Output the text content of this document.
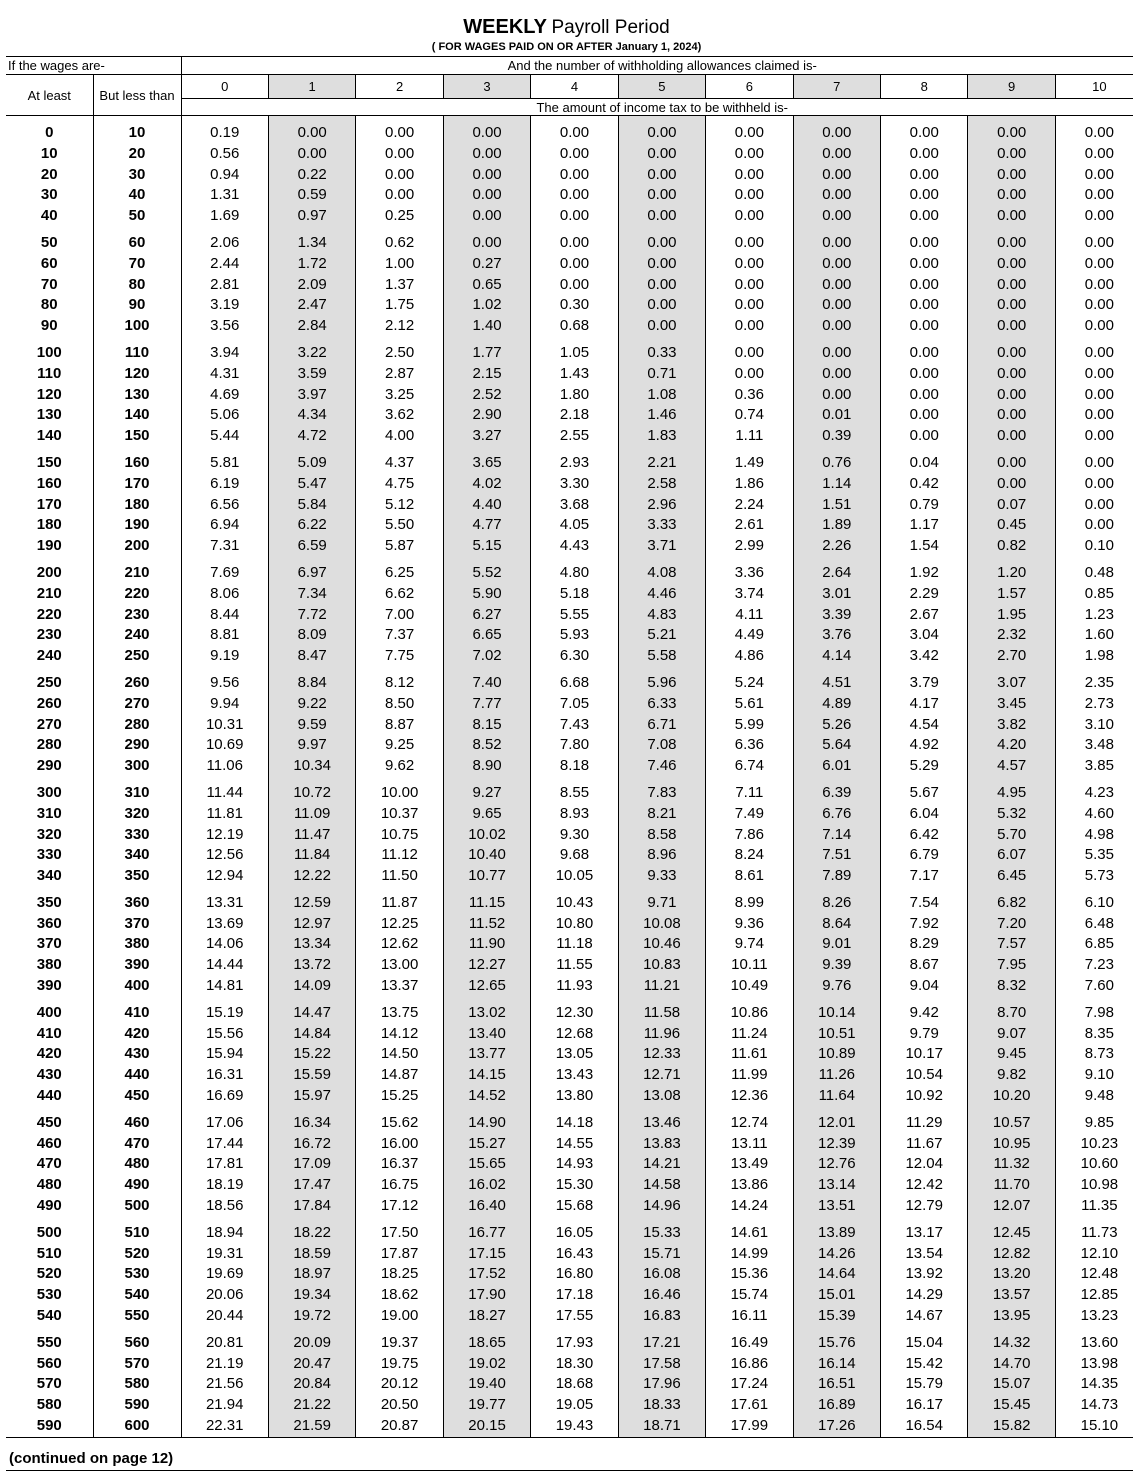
WEEKLY Payroll Period
( FOR WAGES PAID ON OR AFTER January 1, 2024)
If the wages are-		And the number of withholding allowances claimed is-										
At least	But less than	0	1	2	3	4	5	6	7	8	9	10
		The amount of income tax to be withheld is-										
0	10	0.19	0.00	0.00	0.00	0.00	0.00	0.00	0.00	0.00	0.00	0.00
10	20	0.56	0.00	0.00	0.00	0.00	0.00	0.00	0.00	0.00	0.00	0.00
20	30	0.94	0.22	0.00	0.00	0.00	0.00	0.00	0.00	0.00	0.00	0.00
30	40	1.31	0.59	0.00	0.00	0.00	0.00	0.00	0.00	0.00	0.00	0.00
40	50	1.69	0.97	0.25	0.00	0.00	0.00	0.00	0.00	0.00	0.00	0.00
50	60	2.06	1.34	0.62	0.00	0.00	0.00	0.00	0.00	0.00	0.00	0.00
60	70	2.44	1.72	1.00	0.27	0.00	0.00	0.00	0.00	0.00	0.00	0.00
70	80	2.81	2.09	1.37	0.65	0.00	0.00	0.00	0.00	0.00	0.00	0.00
80	90	3.19	2.47	1.75	1.02	0.30	0.00	0.00	0.00	0.00	0.00	0.00
90	100	3.56	2.84	2.12	1.40	0.68	0.00	0.00	0.00	0.00	0.00	0.00
100	110	3.94	3.22	2.50	1.77	1.05	0.33	0.00	0.00	0.00	0.00	0.00
110	120	4.31	3.59	2.87	2.15	1.43	0.71	0.00	0.00	0.00	0.00	0.00
120	130	4.69	3.97	3.25	2.52	1.80	1.08	0.36	0.00	0.00	0.00	0.00
130	140	5.06	4.34	3.62	2.90	2.18	1.46	0.74	0.01	0.00	0.00	0.00
140	150	5.44	4.72	4.00	3.27	2.55	1.83	1.11	0.39	0.00	0.00	0.00
150	160	5.81	5.09	4.37	3.65	2.93	2.21	1.49	0.76	0.04	0.00	0.00
160	170	6.19	5.47	4.75	4.02	3.30	2.58	1.86	1.14	0.42	0.00	0.00
170	180	6.56	5.84	5.12	4.40	3.68	2.96	2.24	1.51	0.79	0.07	0.00
180	190	6.94	6.22	5.50	4.77	4.05	3.33	2.61	1.89	1.17	0.45	0.00
190	200	7.31	6.59	5.87	5.15	4.43	3.71	2.99	2.26	1.54	0.82	0.10
200	210	7.69	6.97	6.25	5.52	4.80	4.08	3.36	2.64	1.92	1.20	0.48
210	220	8.06	7.34	6.62	5.90	5.18	4.46	3.74	3.01	2.29	1.57	0.85
220	230	8.44	7.72	7.00	6.27	5.55	4.83	4.11	3.39	2.67	1.95	1.23
230	240	8.81	8.09	7.37	6.65	5.93	5.21	4.49	3.76	3.04	2.32	1.60
240	250	9.19	8.47	7.75	7.02	6.30	5.58	4.86	4.14	3.42	2.70	1.98
250	260	9.56	8.84	8.12	7.40	6.68	5.96	5.24	4.51	3.79	3.07	2.35
260	270	9.94	9.22	8.50	7.77	7.05	6.33	5.61	4.89	4.17	3.45	2.73
270	280	10.31	9.59	8.87	8.15	7.43	6.71	5.99	5.26	4.54	3.82	3.10
280	290	10.69	9.97	9.25	8.52	7.80	7.08	6.36	5.64	4.92	4.20	3.48
290	300	11.06	10.34	9.62	8.90	8.18	7.46	6.74	6.01	5.29	4.57	3.85
300	310	11.44	10.72	10.00	9.27	8.55	7.83	7.11	6.39	5.67	4.95	4.23
310	320	11.81	11.09	10.37	9.65	8.93	8.21	7.49	6.76	6.04	5.32	4.60
320	330	12.19	11.47	10.75	10.02	9.30	8.58	7.86	7.14	6.42	5.70	4.98
330	340	12.56	11.84	11.12	10.40	9.68	8.96	8.24	7.51	6.79	6.07	5.35
340	350	12.94	12.22	11.50	10.77	10.05	9.33	8.61	7.89	7.17	6.45	5.73
350	360	13.31	12.59	11.87	11.15	10.43	9.71	8.99	8.26	7.54	6.82	6.10
360	370	13.69	12.97	12.25	11.52	10.80	10.08	9.36	8.64	7.92	7.20	6.48
370	380	14.06	13.34	12.62	11.90	11.18	10.46	9.74	9.01	8.29	7.57	6.85
380	390	14.44	13.72	13.00	12.27	11.55	10.83	10.11	9.39	8.67	7.95	7.23
390	400	14.81	14.09	13.37	12.65	11.93	11.21	10.49	9.76	9.04	8.32	7.60
400	410	15.19	14.47	13.75	13.02	12.30	11.58	10.86	10.14	9.42	8.70	7.98
410	420	15.56	14.84	14.12	13.40	12.68	11.96	11.24	10.51	9.79	9.07	8.35
420	430	15.94	15.22	14.50	13.77	13.05	12.33	11.61	10.89	10.17	9.45	8.73
430	440	16.31	15.59	14.87	14.15	13.43	12.71	11.99	11.26	10.54	9.82	9.10
440	450	16.69	15.97	15.25	14.52	13.80	13.08	12.36	11.64	10.92	10.20	9.48
450	460	17.06	16.34	15.62	14.90	14.18	13.46	12.74	12.01	11.29	10.57	9.85
460	470	17.44	16.72	16.00	15.27	14.55	13.83	13.11	12.39	11.67	10.95	10.23
470	480	17.81	17.09	16.37	15.65	14.93	14.21	13.49	12.76	12.04	11.32	10.60
480	490	18.19	17.47	16.75	16.02	15.30	14.58	13.86	13.14	12.42	11.70	10.98
490	500	18.56	17.84	17.12	16.40	15.68	14.96	14.24	13.51	12.79	12.07	11.35
500	510	18.94	18.22	17.50	16.77	16.05	15.33	14.61	13.89	13.17	12.45	11.73
510	520	19.31	18.59	17.87	17.15	16.43	15.71	14.99	14.26	13.54	12.82	12.10
520	530	19.69	18.97	18.25	17.52	16.80	16.08	15.36	14.64	13.92	13.20	12.48
530	540	20.06	19.34	18.62	17.90	17.18	16.46	15.74	15.01	14.29	13.57	12.85
540	550	20.44	19.72	19.00	18.27	17.55	16.83	16.11	15.39	14.67	13.95	13.23
550	560	20.81	20.09	19.37	18.65	17.93	17.21	16.49	15.76	15.04	14.32	13.60
560	570	21.19	20.47	19.75	19.02	18.30	17.58	16.86	16.14	15.42	14.70	13.98
570	580	21.56	20.84	20.12	19.40	18.68	17.96	17.24	16.51	15.79	15.07	14.35
580	590	21.94	21.22	20.50	19.77	19.05	18.33	17.61	16.89	16.17	15.45	14.73
590	600	22.31	21.59	20.87	20.15	19.43	18.71	17.99	17.26	16.54	15.82	15.10
(continued on page 12)
